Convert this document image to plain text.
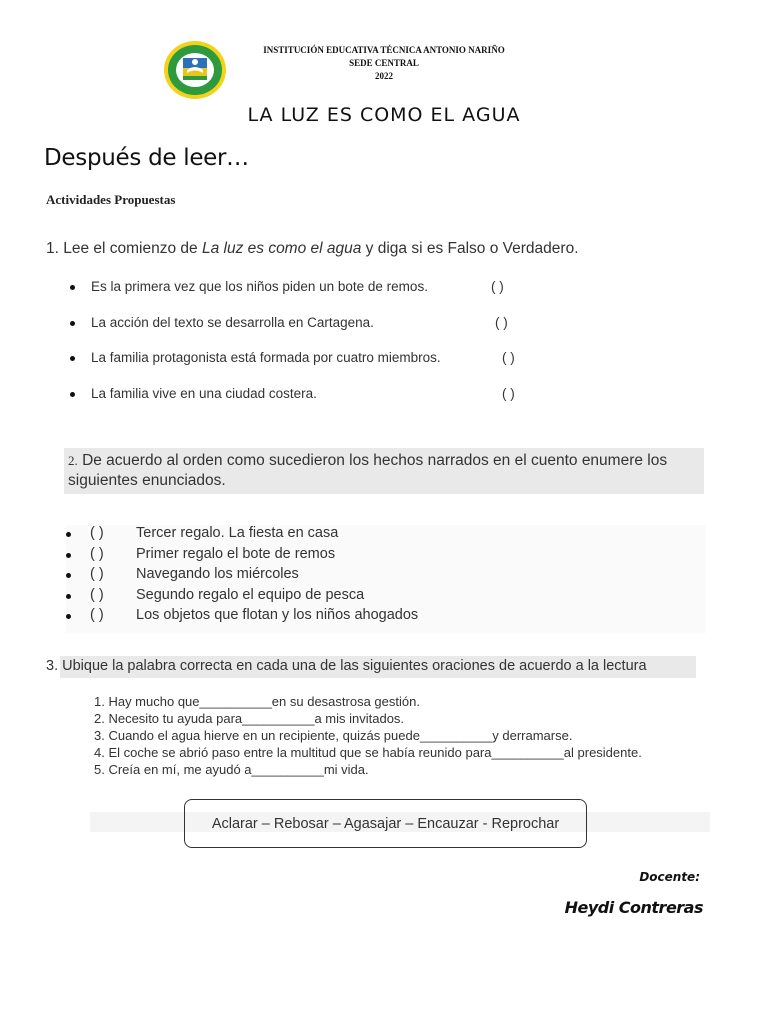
INSTITUCIÓN EDUCATIVA TÉCNICA ANTONIO NARIÑO
SEDE CENTRAL
2022
LA LUZ ES COMO EL AGUA
Después de leer…
Actividades Propuestas
1. Lee el comienzo de La luz es como el agua y diga si es Falso o Verdadero.
Es la primera vez que los niños piden un bote de remos.	( )
La acción del texto se desarrolla en Cartagena.	( )
La familia protagonista está formada por cuatro miembros.	( )
La familia vive en una ciudad costera.	( )
2. De acuerdo al orden como sucedieron los hechos narrados en el cuento enumere los siguientes enunciados.
( ) Tercer regalo. La fiesta en casa
( ) Primer regalo el bote de remos
( ) Navegando los miércoles
( ) Segundo regalo el equipo de pesca
( ) Los objetos que flotan y los niños ahogados
3. Ubique la palabra correcta en cada una de las siguientes oraciones de acuerdo a la lectura
1. Hay mucho que__________en su desastrosa gestión.
2. Necesito tu ayuda para__________a mis invitados.
3. Cuando el agua hierve en un recipiente, quizás puede__________y derramarse.
4. El coche se abrió paso entre la multitud que se había reunido para__________al presidente.
5. Creía en mí, me ayudó a__________mi vida.
Aclarar – Rebosar – Agasajar – Encauzar - Reprochar
Docente:
Heydi Contreras
